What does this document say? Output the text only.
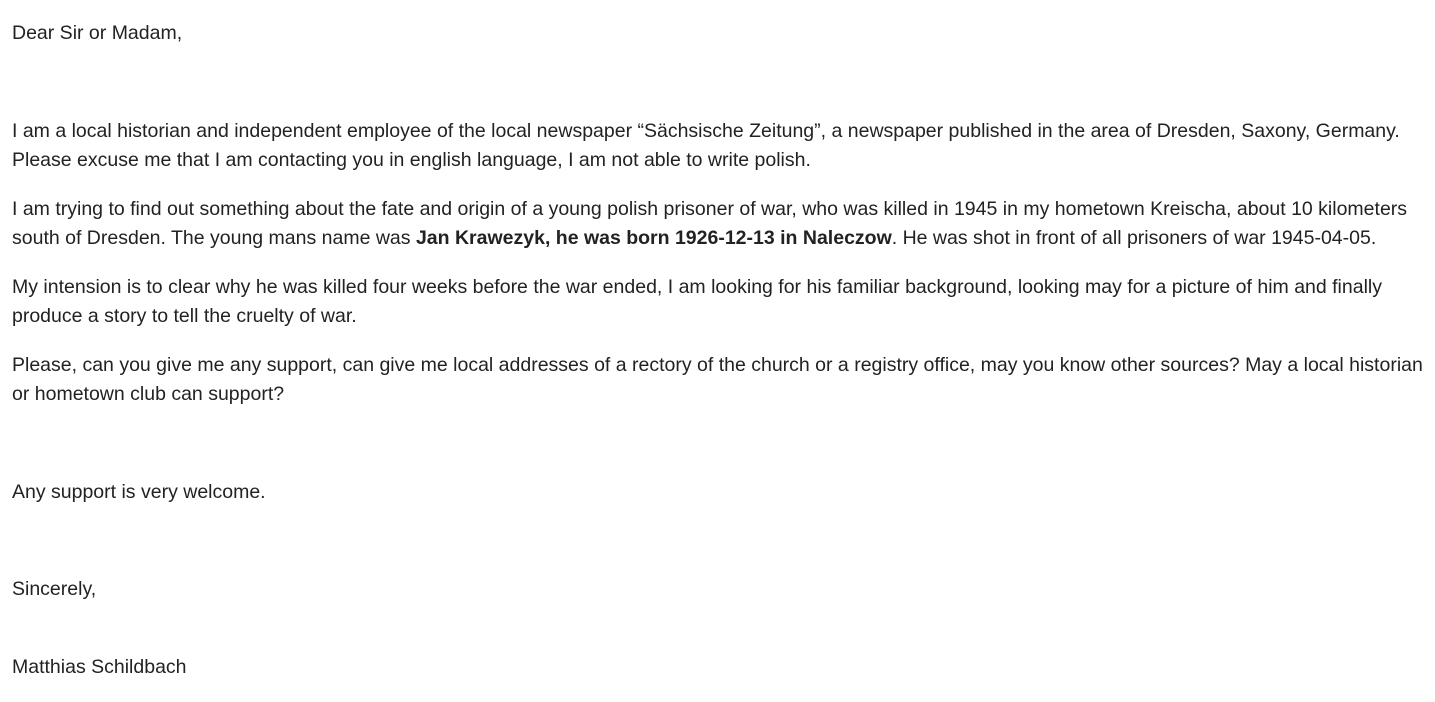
Dear Sir or Madam,

I am a local historian and independent employee of the local newspaper “Sächsische Zeitung”, a newspaper published in the area of Dresden, Saxony, Germany. Please excuse me that I am contacting you in english language, I am not able to write polish.

I am trying to find out something about the fate and origin of a young polish prisoner of war, who was killed in 1945 in my hometown Kreischa, about 10 kilometers south of Dresden. The young mans name was Jan Krawezyk, he was born 1926-12-13 in Naleczow. He was shot in front of all prisoners of war 1945-04-05.

My intension is to clear why he was killed four weeks before the war ended, I am looking for his familiar background, looking may for a picture of him and finally produce a story to tell the cruelty of war.

Please, can you give me any support, can give me local addresses of a rectory of the church or a registry office, may you know other sources? May a local historian or hometown club can support?

Any support is very welcome.
Sincerely,
Matthias Schildbach
